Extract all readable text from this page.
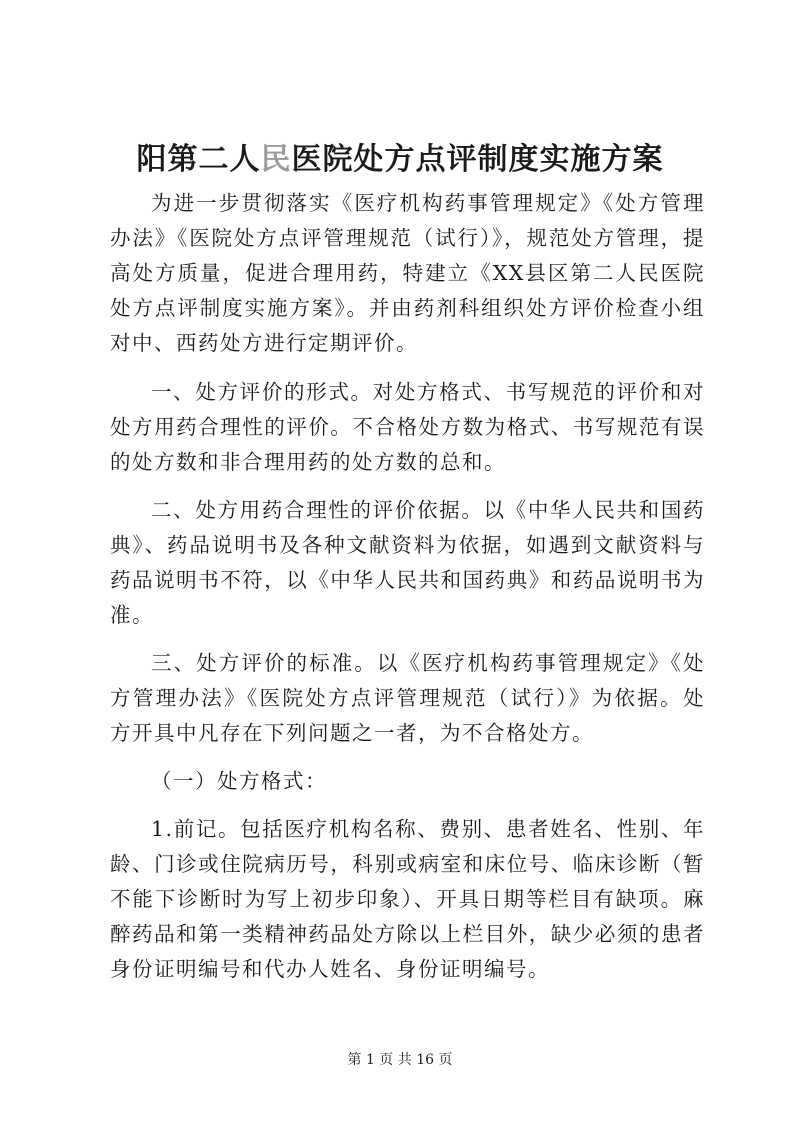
阳第二人民医院处方点评制度实施方案

为进一步贯彻落实《医疗机构药事管理规定》《处方管理办法》《医院处方点评管理规范（试行）》，规范处方管理，提高处方质量，促进合理用药，特建立《XX县区第二人民医院处方点评制度实施方案》。并由药剂科组织处方评价检查小组对中、西药处方进行定期评价。

一、处方评价的形式。对处方格式、书写规范的评价和对处方用药合理性的评价。不合格处方数为格式、书写规范有误的处方数和非合理用药的处方数的总和。

二、处方用药合理性的评价依据。以《中华人民共和国药典》、药品说明书及各种文献资料为依据，如遇到文献资料与药品说明书不符，以《中华人民共和国药典》和药品说明书为准。

三、处方评价的标准。以《医疗机构药事管理规定》《处方管理办法》《医院处方点评管理规范（试行）》为依据。处方开具中凡存在下列问题之一者，为不合格处方。

（一）处方格式：

1.前记。包括医疗机构名称、费别、患者姓名、性别、年龄、门诊或住院病历号，科别或病室和床位号、临床诊断（暂不能下诊断时为写上初步印象）、开具日期等栏目有缺项。麻醉药品和第一类精神药品处方除以上栏目外，缺少必须的患者身份证明编号和代办人姓名、身份证明编号。

第 1 页 共 16 页
